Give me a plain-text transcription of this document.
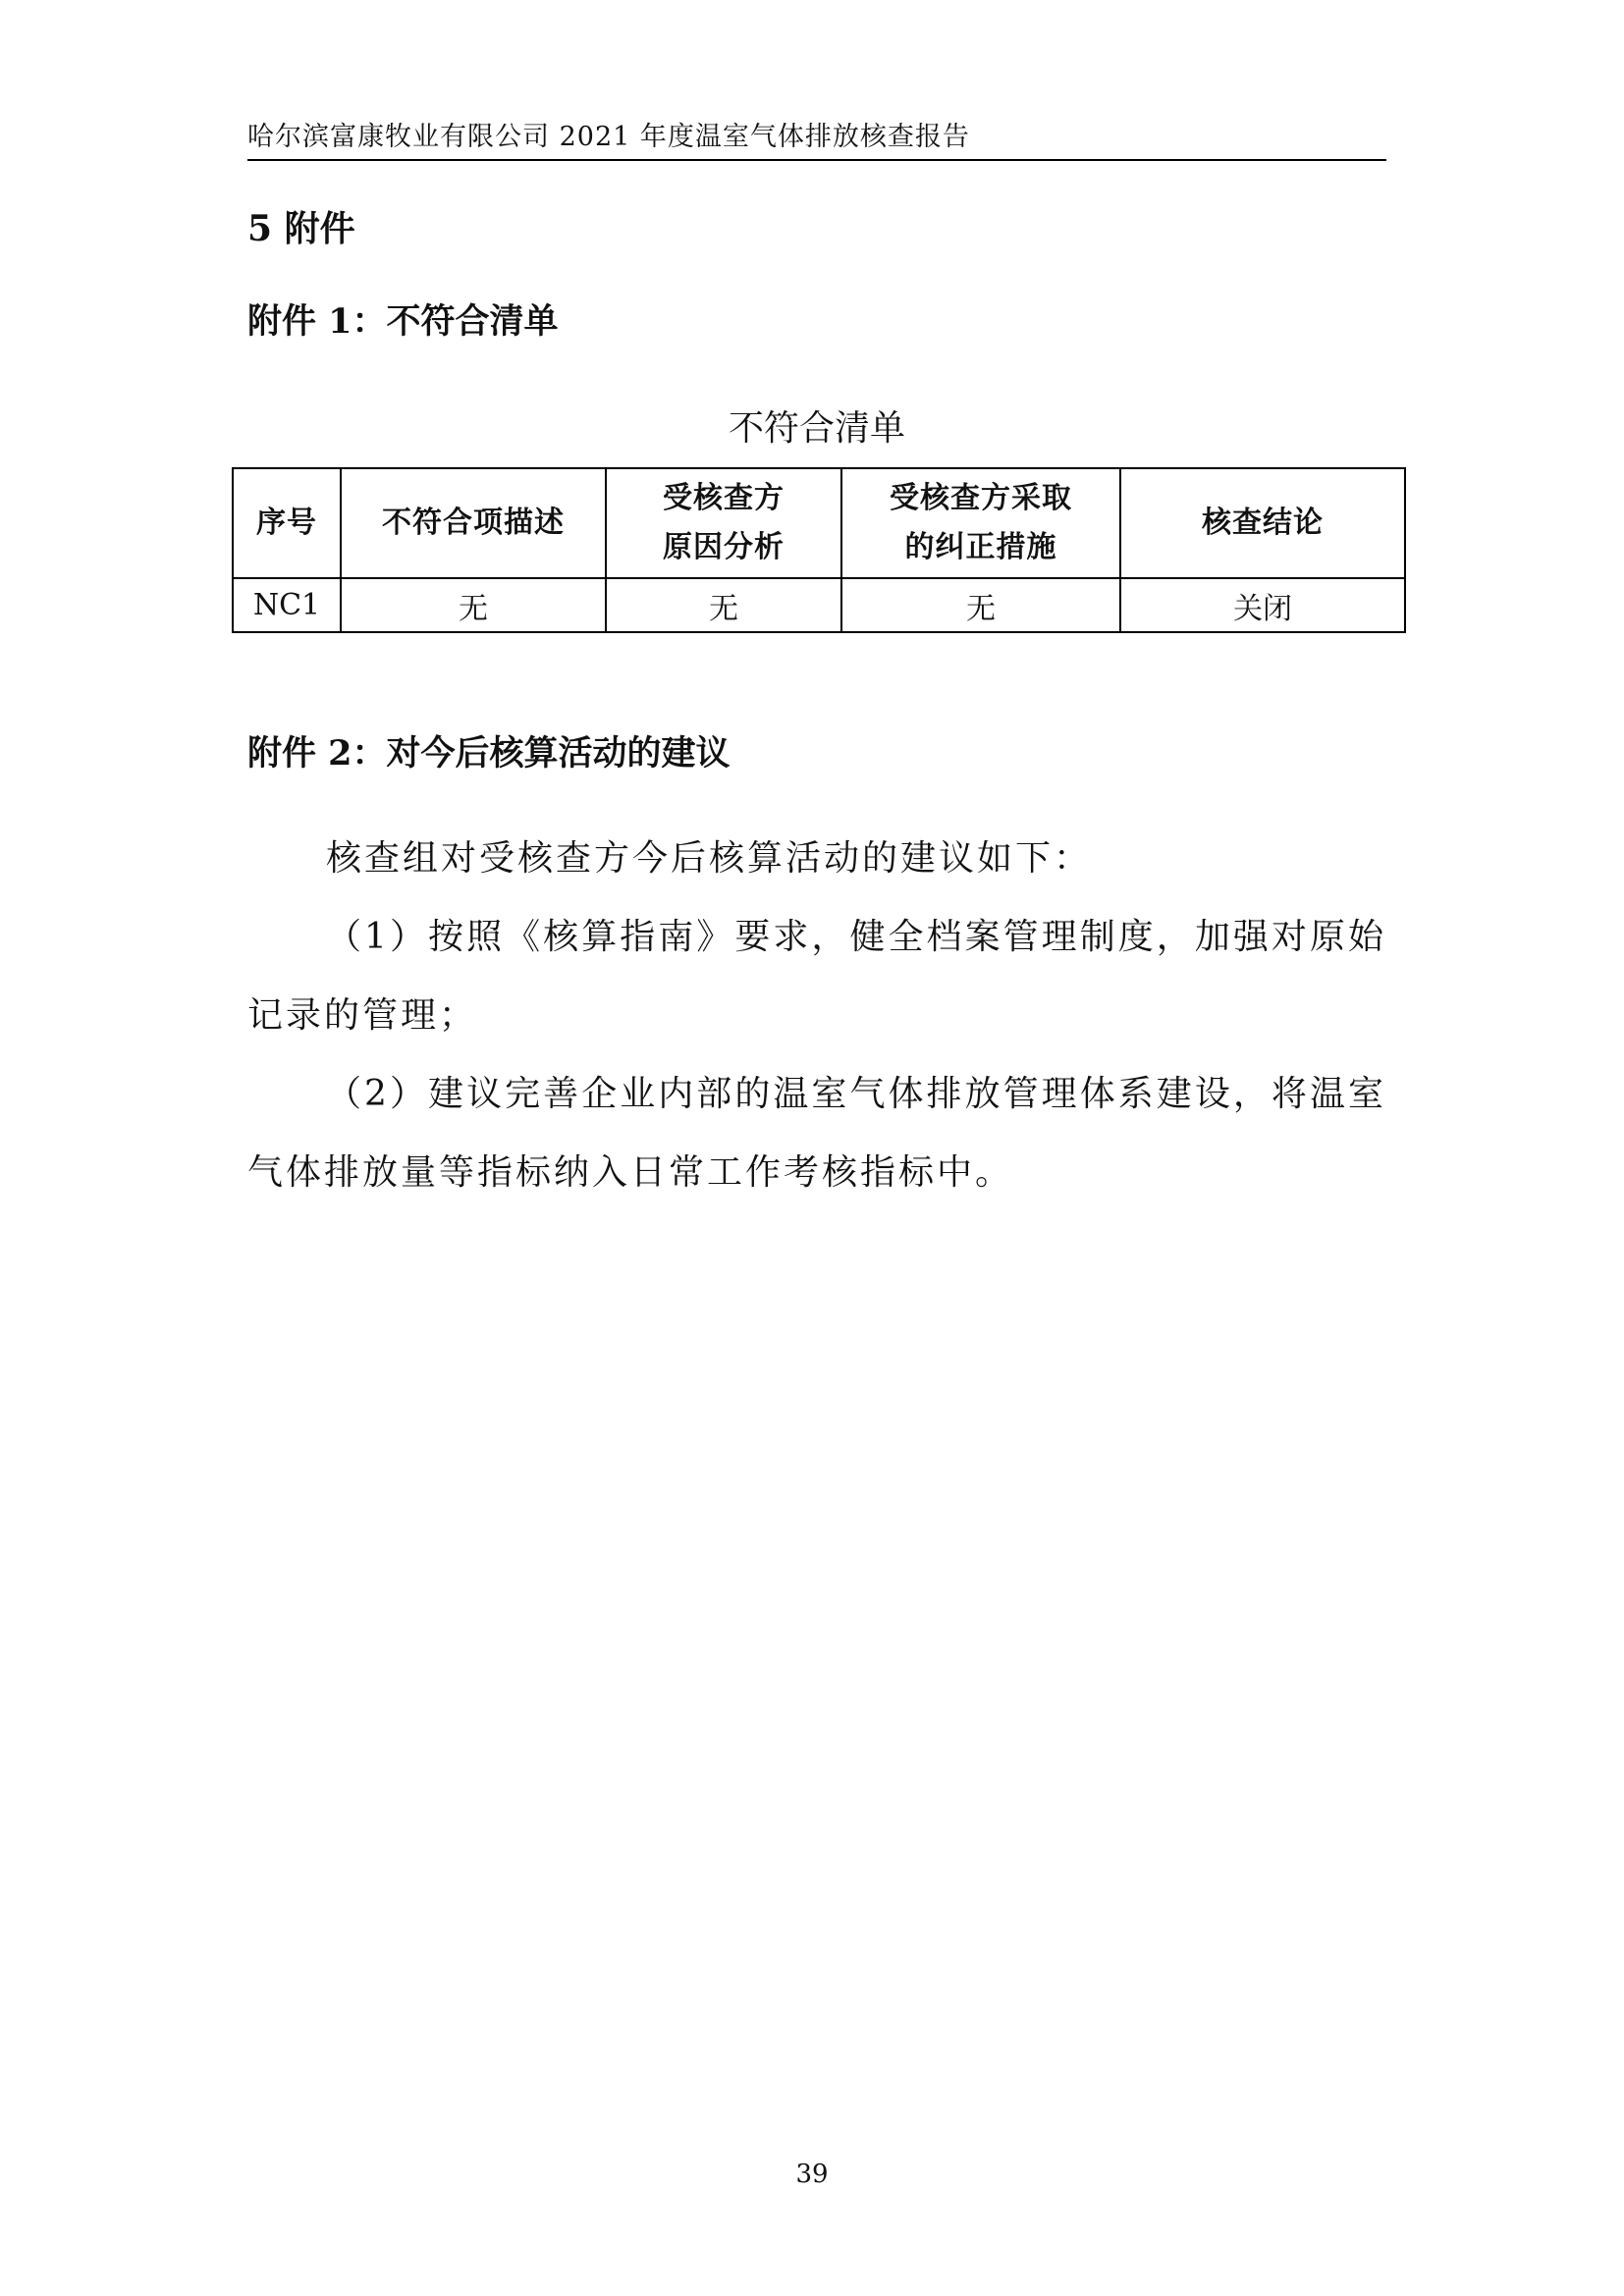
哈尔滨富康牧业有限公司 2021 年度温室气体排放核查报告
5 附件
附件 1：不符合清单
不符合清单
序号	不符合项描述	受核查方原因分析	受核查方采取的纠正措施	核查结论
NC1	无	无	无	关闭
附件 2：对今后核算活动的建议

核查组对受核查方今后核算活动的建议如下：

（1）按照《核算指南》要求，健全档案管理制度，加强对原始记录的管理；

（2）建议完善企业内部的温室气体排放管理体系建设，将温室气体排放量等指标纳入日常工作考核指标中。

39
